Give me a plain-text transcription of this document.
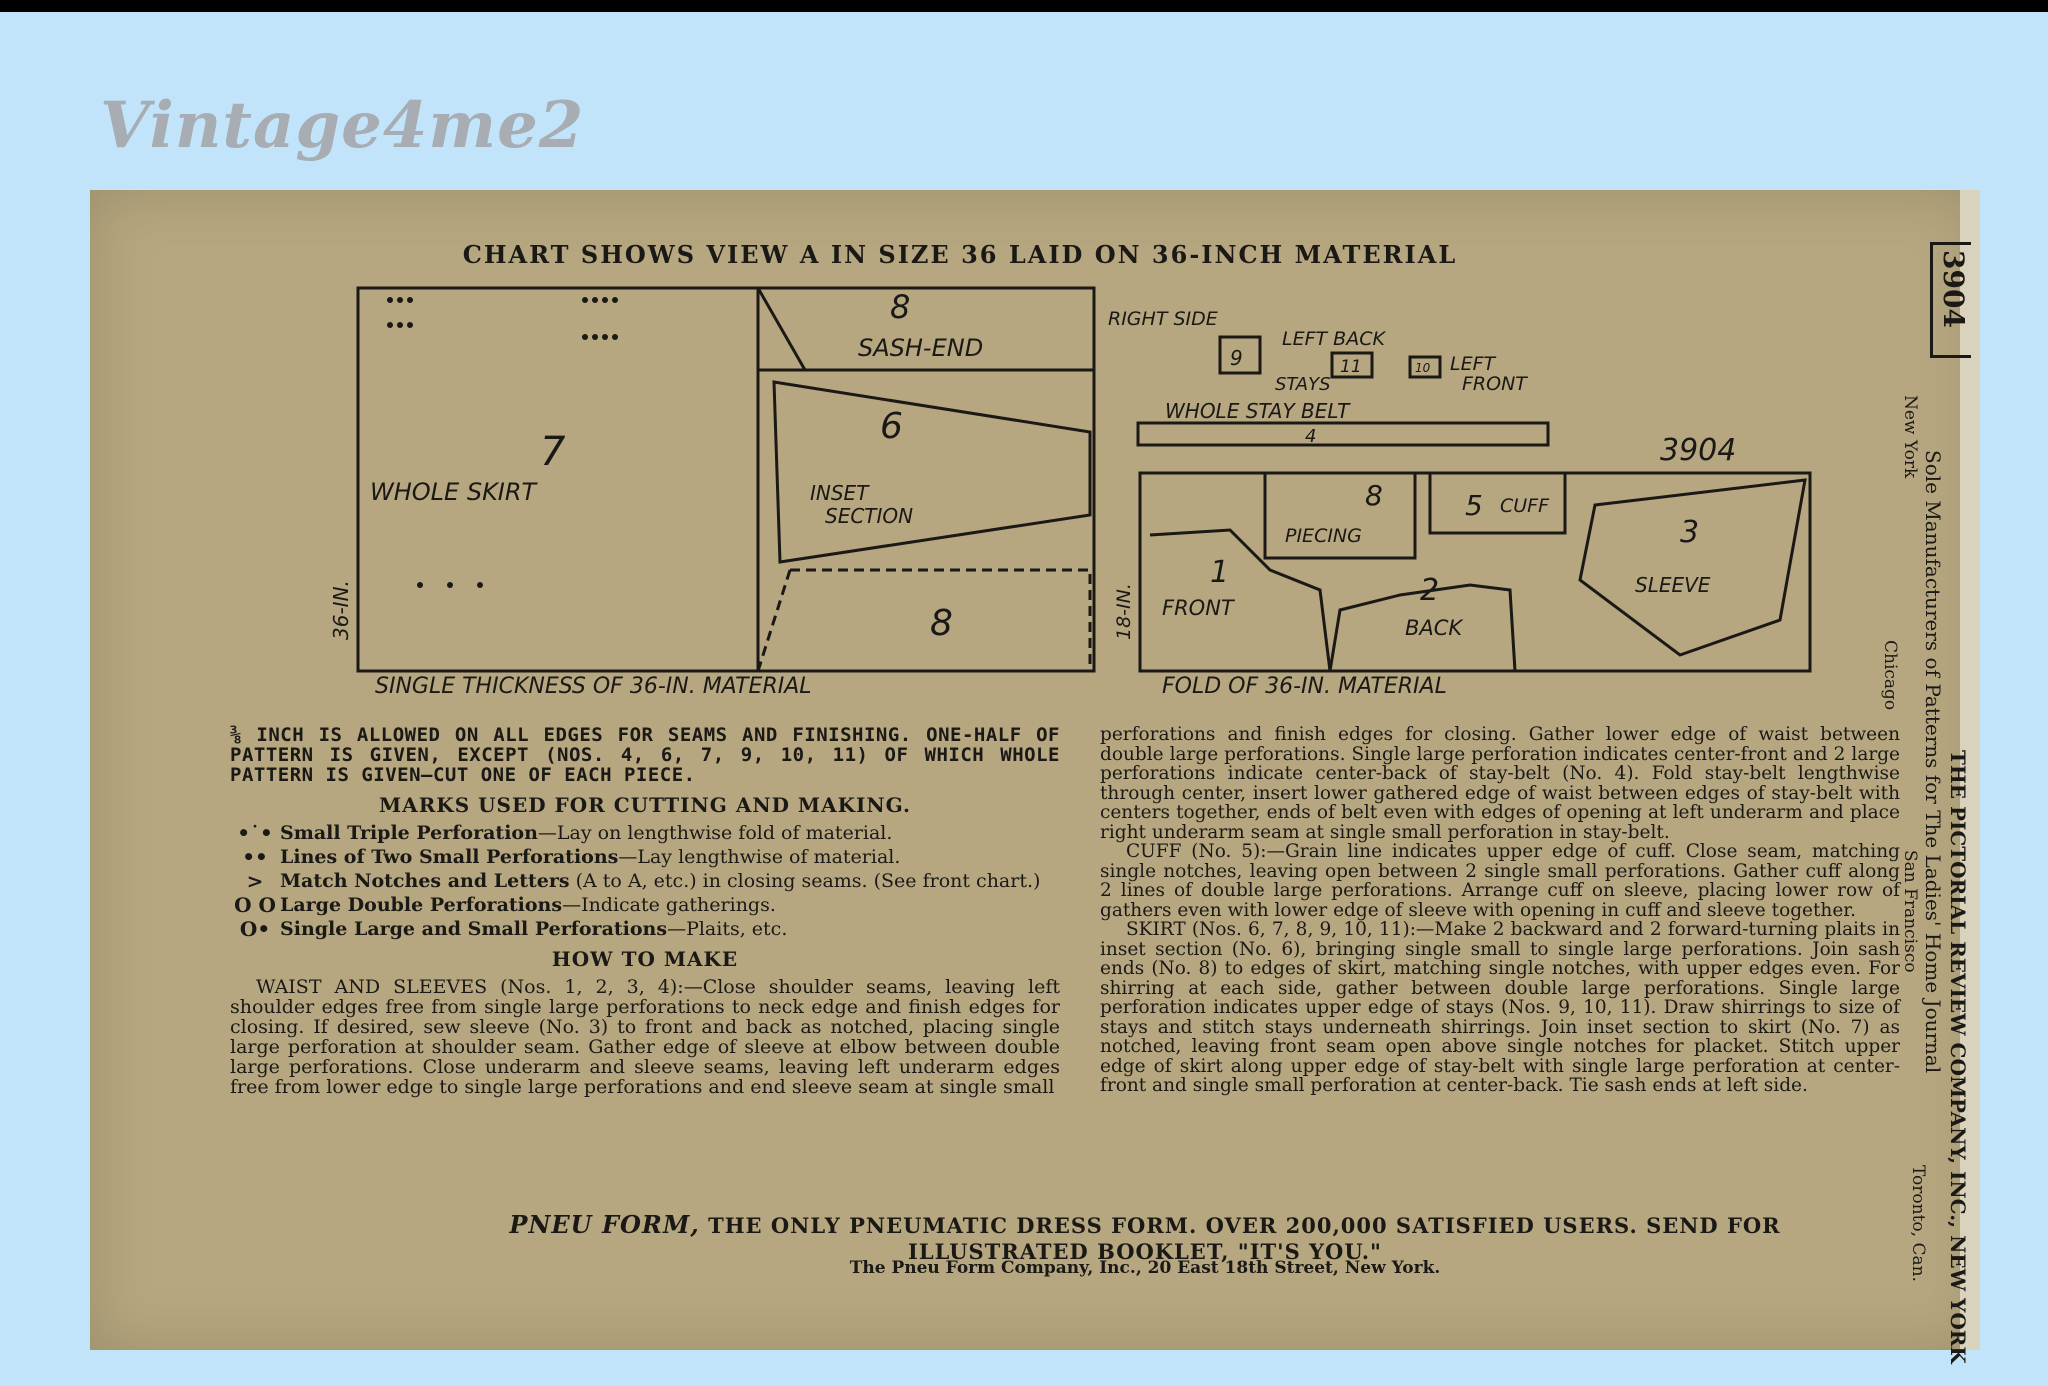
Vintage4me2
CHART SHOWS VIEW A IN SIZE 36 LAID ON 36-INCH MATERIAL
7
WHOLE SKIRT
8
SASH-END
6
INSET
SECTION
8
36-IN.
SINGLE THICKNESS OF 36-IN. MATERIAL
RIGHT SIDE
LEFT BACK
9	11	10 LEFT
FRONT
STAYS
WHOLE STAY BELT
4	3904
8
PIECING
5 CUFF
3
SLEEVE
1
FRONT	2
BACK
18-IN.
FOLD OF 36-IN. MATERIAL
⅜ INCH IS ALLOWED ON ALL EDGES FOR SEAMS AND FINISHING. ONE-HALF OF PATTERN IS GIVEN, EXCEPT (NOS. 4, 6, 7, 9, 10, 11) OF WHICH WHOLE PATTERN IS GIVEN—CUT ONE OF EACH PIECE.
MARKS USED FOR CUTTING AND MAKING.
•˙• Small Triple Perforation—Lay on lengthwise fold of material.
•• Lines of Two Small Perforations—Lay lengthwise of material.
> Match Notches and Letters (A to A, etc.) in closing seams. (See front chart.)
O O Large Double Perforations—Indicate gatherings.
O• Single Large and Small Perforations—Plaits, etc.
HOW TO MAKE

WAIST AND SLEEVES (Nos. 1, 2, 3, 4):—Close shoulder seams, leaving left shoulder edges free from single large perforations to neck edge and finish edges for closing. If desired, sew sleeve (No. 3) to front and back as notched, placing single large perforation at shoulder seam. Gather edge of sleeve at elbow between double large perforations. Close underarm and sleeve seams, leaving left underarm edges free from lower edge to single large perforations and end sleeve seam at single small

perforations and finish edges for closing. Gather lower edge of waist between double large perforations. Single large perforation indicates center-front and 2 large perforations indicate center-back of stay-belt (No. 4). Fold stay-belt lengthwise through center, insert lower gathered edge of waist between edges of stay-belt with centers together, ends of belt even with edges of opening at left underarm and place right underarm seam at single small perforation in stay-belt.

CUFF (No. 5):—Grain line indicates upper edge of cuff. Close seam, matching single notches, leaving open between 2 single small perforations. Gather cuff along 2 lines of double large perforations. Arrange cuff on sleeve, placing lower row of gathers even with lower edge of sleeve with opening in cuff and sleeve together.

SKIRT (Nos. 6, 7, 8, 9, 10, 11):—Make 2 backward and 2 forward-turning plaits in inset section (No. 6), bringing single small to single large perforations. Join sash ends (No. 8) to edges of skirt, matching single notches, with upper edges even. For shirring at each side, gather between double large perforations. Single large perforation indicates upper edge of stays (Nos. 9, 10, 11). Draw shirrings to size of stays and stitch stays underneath shirrings. Join inset section to skirt (No. 7) as notched, leaving front seam open above single notches for placket. Stitch upper edge of skirt along upper edge of stay-belt with single large perforation at center-front and single small perforation at center-back. Tie sash ends at left side.

PNEU FORM, THE ONLY PNEUMATIC DRESS FORM. OVER 200,000 SATISFIED USERS. SEND FOR ILLUSTRATED BOOKLET, "IT'S YOU."
The Pneu Form Company, Inc., 20 East 18th Street, New York.
3904
THE PICTORIAL REVIEW COMPANY, INC., NEW YORK
Sole Manufacturers of Patterns for The Ladies' Home Journal
New York
Chicago
San Francisco
Toronto, Can.
